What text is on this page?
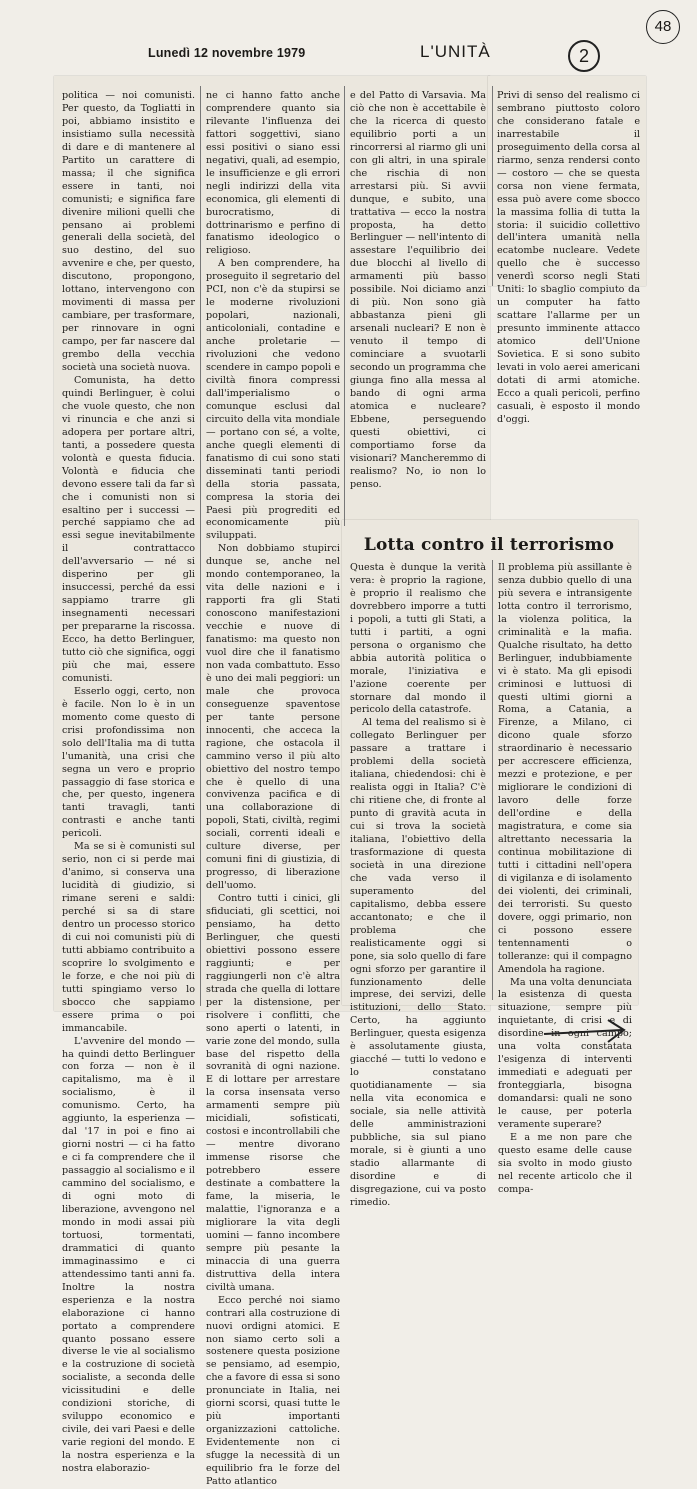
48
Lunedì 12 novembre 1979	L'UNITÀ	2

politica — noi comunisti. Per questo, da Togliatti in poi, abbiamo insistito e insistiamo sulla necessità di dare e di mantenere al Partito un carattere di massa; il che significa essere in tanti, noi comunisti; e significa fare divenire milioni quelli che pensano ai problemi generali della società, del suo destino, del suo avvenire e che, per questo, discutono, propongono, lottano, intervengono con movimenti di massa per cambiare, per trasformare, per rinnovare in ogni campo, per far nascere dal grembo della vecchia società una società nuova.

Comunista, ha detto quindi Berlinguer, è colui che vuole questo, che non vi rinuncia e che anzi si adopera per portare altri, tanti, a possedere questa volontà e questa fiducia. Volontà e fiducia che devono essere tali da far sì che i comunisti non si esaltino per i successi — perché sappiamo che ad essi segue inevitabilmente il contrattacco dell'avversario — né si disperino per gli insuccessi, perché da essi sappiamo trarre gli insegnamenti necessari per prepararne la riscossa. Ecco, ha detto Berlinguer, tutto ciò che significa, oggi più che mai, essere comunisti.

Esserlo oggi, certo, non è facile. Non lo è in un momento come questo di crisi profondissima non solo dell'Italia ma di tutta l'umanità, una crisi che segna un vero e proprio passaggio di fase storica e che, per questo, ingenera tanti travagli, tanti contrasti e anche tanti pericoli.

Ma se si è comunisti sul serio, non ci si perde mai d'animo, si conserva una lucidità di giudizio, si rimane sereni e saldi: perché si sa di stare dentro un processo storico di cui noi comunisti più di tutti abbiamo contribuito a scoprire lo svolgimento e le forze, e che noi più di tutti spingiamo verso lo sbocco che sappiamo essere prima o poi immancabile.

L'avvenire del mondo — ha quindi detto Berlinguer con forza — non è il capitalismo, ma è il socialismo, è il comunismo. Certo, ha aggiunto, la esperienza — dal '17 in poi e fino ai giorni nostri — ci ha fatto e ci fa comprendere che il passaggio al socialismo e il cammino del socialismo, e di ogni moto di liberazione, avvengono nel mondo in modi assai più tortuosi, tormentati, drammatici di quanto immaginassimo e ci attendessimo tanti anni fa. Inoltre la nostra esperienza e la nostra elaborazione ci hanno portato a comprendere quanto possano essere diverse le vie al socialismo e la costruzione di società socialiste, a seconda delle vicissitudini e delle condizioni storiche, di sviluppo economico e civile, dei vari Paesi e delle varie regioni del mondo. E la nostra esperienza e la nostra elaborazio-

ne ci hanno fatto anche comprendere quanto sia rilevante l'influenza dei fattori soggettivi, siano essi positivi o siano essi negativi, quali, ad esempio, le insufficienze e gli errori negli indirizzi della vita economica, gli elementi di burocratismo, di dottrinarismo e perfino di fanatismo ideologico o religioso.

A ben comprendere, ha proseguito il segretario del PCI, non c'è da stupirsi se le moderne rivoluzioni popolari, nazionali, anticoloniali, contadine e anche proletarie — rivoluzioni che vedono scendere in campo popoli e civiltà finora compressi dall'imperialismo o comunque esclusi dal circuito della vita mondiale — portano con sé, a volte, anche quegli elementi di fanatismo di cui sono stati disseminati tanti periodi della storia passata, compresa la storia dei Paesi più progrediti ed economicamente più sviluppati.

Non dobbiamo stupirci dunque se, anche nel mondo contemporaneo, la vita delle nazioni e i rapporti fra gli Stati conoscono manifestazioni vecchie e nuove di fanatismo: ma questo non vuol dire che il fanatismo non vada combattuto. Esso è uno dei mali peggiori: un male che provoca conseguenze spaventose per tante persone innocenti, che acceca la ragione, che ostacola il cammino verso il più alto obiettivo del nostro tempo che è quello di una convivenza pacifica e di una collaborazione di popoli, Stati, civiltà, regimi sociali, correnti ideali e culture diverse, per comuni fini di giustizia, di progresso, di liberazione dell'uomo.

Contro tutti i cinici, gli sfiduciati, gli scettici, noi pensiamo, ha detto Berlinguer, che questi obiettivi possono essere raggiunti; e per raggiungerli non c'è altra strada che quella di lottare per la distensione, per risolvere i conflitti, che sono aperti o latenti, in varie zone del mondo, sulla base del rispetto della sovranità di ogni nazione. E di lottare per arrestare la corsa insensata verso armamenti sempre più micidiali, sofisticati, costosi e incontrollabili che — mentre divorano immense risorse che potrebbero essere destinate a combattere la fame, la miseria, le malattie, l'ignoranza e a migliorare la vita degli uomini — fanno incombere sempre più pesante la minaccia di una guerra distruttiva della intera civiltà umana.

Ecco perché noi siamo contrari alla costruzione di nuovi ordigni atomici. E non siamo certo soli a sostenere questa posizione se pensiamo, ad esempio, che a favore di essa si sono pronunciate in Italia, nei giorni scorsi, quasi tutte le più importanti organizzazioni cattoliche. Evidentemente non ci sfugge la necessità di un equilibrio fra le forze del Patto atlantico

e del Patto di Varsavia. Ma ciò che non è accettabile è che la ricerca di questo equilibrio porti a un rincorrersi al riarmo gli uni con gli altri, in una spirale che rischia di non arrestarsi più. Si avvii dunque, e subito, una trattativa — ecco la nostra proposta, ha detto Berlinguer — nell'intento di assestare l'equilibrio dei due blocchi al livello di armamenti più basso possibile. Noi diciamo anzi di più. Non sono già abbastanza pieni gli arsenali nucleari? E non è venuto il tempo di cominciare a svuotarli secondo un programma che giunga fino alla messa al bando di ogni arma atomica e nucleare? Ebbene, perseguendo questi obiettivi, ci comportiamo forse da visionari? Mancheremmo di realismo? No, io non lo penso.

Privi di senso del realismo ci sembrano piuttosto coloro che considerano fatale e inarrestabile il proseguimento della corsa al riarmo, senza rendersi conto — costoro — che se questa corsa non viene fermata, essa può avere come sbocco la massima follia di tutta la storia: il suicidio collettivo dell'intera umanità nella ecatombe nucleare. Vedete quello che è successo venerdì scorso negli Stati Uniti: lo sbaglio compiuto da un computer ha fatto scattare l'allarme per un presunto imminente attacco atomico dell'Unione Sovietica. E si sono subito levati in volo aerei americani dotati di armi atomiche. Ecco a quali pericoli, perfino casuali, è esposto il mondo d'oggi.

Lotta contro il terrorismo

Questa è dunque la verità vera: è proprio la ragione, è proprio il realismo che dovrebbero imporre a tutti i popoli, a tutti gli Stati, a tutti i partiti, a ogni persona o organismo che abbia autorità politica o morale, l'iniziativa e l'azione coerente per stornare dal mondo il pericolo della catastrofe.

Al tema del realismo si è collegato Berlinguer per passare a trattare i problemi della società italiana, chiedendosi: chi è realista oggi in Italia? C'è chi ritiene che, di fronte al punto di gravità acuta in cui si trova la società italiana, l'obiettivo della trasformazione di questa società in una direzione che vada verso il superamento del capitalismo, debba essere accantonato; e che il problema che realisticamente oggi si pone, sia solo quello di fare ogni sforzo per garantire il funzionamento delle imprese, dei servizi, delle istituzioni, dello Stato. Certo, ha aggiunto Berlinguer, questa esigenza è assolutamente giusta, giacché — tutti lo vedono e lo constatano quotidianamente — sia nella vita economica e sociale, sia nelle attività delle amministrazioni pubbliche, sia sul piano morale, si è giunti a uno stadio allarmante di disordine e di disgregazione, cui va posto rimedio.

Il problema più assillante è senza dubbio quello di una più severa e intransigente lotta contro il terrorismo, la violenza politica, la criminalità e la mafia. Qualche risultato, ha detto Berlinguer, indubbiamente vi è stato. Ma gli episodi criminosi e luttuosi di questi ultimi giorni a Roma, a Catania, a Firenze, a Milano, ci dicono quale sforzo straordinario è necessario per accrescere efficienza, mezzi e protezione, e per migliorare le condizioni di lavoro delle forze dell'ordine e della magistratura, e come sia altrettanto necessaria la continua mobilitazione di tutti i cittadini nell'opera di vigilanza e di isolamento dei violenti, dei criminali, dei terroristi. Su questo dovere, oggi primario, non ci possono essere tentennamenti o tolleranze: qui il compagno Amendola ha ragione.

Ma una volta denunciata la esistenza di questa situazione, sempre più inquietante, di crisi e di disordine in ogni campo; una volta constatata l'esigenza di interventi immediati e adeguati per fronteggiarla, bisogna domandarsi: quali ne sono le cause, per poterla veramente superare?

E a me non pare che questo esame delle cause sia svolto in modo giusto nel recente articolo che il compa-
